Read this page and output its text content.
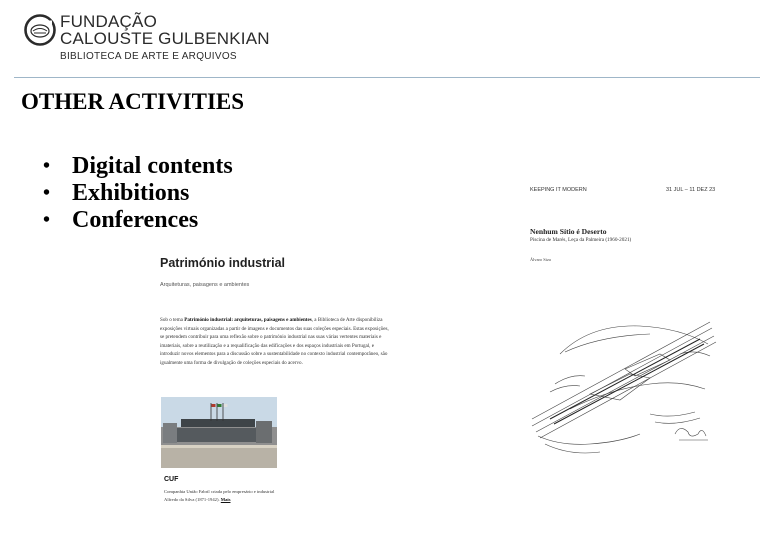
FUNDAÇÃO
CALOUSTE GULBENKIAN
BIBLIOTECA DE ARTE E ARQUIVOS
OTHER ACTIVITIES
• Digital contents
• Exhibitions
• Conferences
Património industrial
Arquiteturas, paisagens e ambientes
Sob o tema Património industrial: arquiteturas, paisagens e ambientes, a Biblioteca de Arte disponibiliza exposições virtuais organizadas a partir de imagens e documentos das suas coleções especiais. Estas exposições, se pretendem contribuir para uma reflexão sobre o património industrial nas suas várias vertentes materiais e imateriais, sobre a reutilização e a requalificação das edificações e dos espaços industriais em Portugal, e introduzir novos elementos para a discussão sobre a sustentabilidade no contexto industrial contemporâneo, são igualmente uma forma de divulgação de coleções especiais do acervo.
CUF
Companhia União Fabril criada pelo empresário e industrial Alfredo da Silva (1871-1942). Mais
KEEPING IT MODERN	31 JUL – 11 DEZ 23
Nenhum Sítio é Deserto
Piscina de Marés, Leça da Palmeira (1960-2021)
Álvaro Siza
